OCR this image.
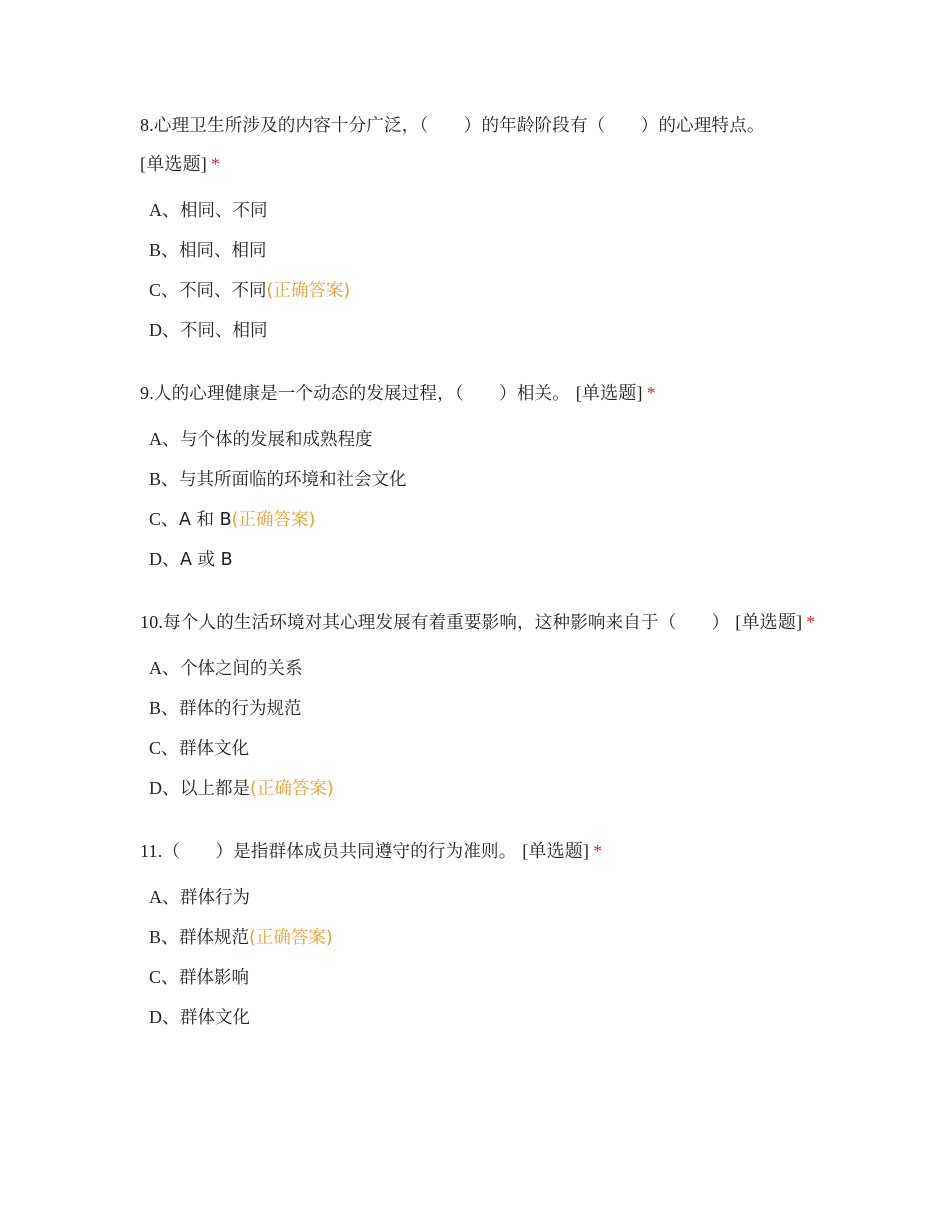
8.心理卫生所涉及的内容十分广泛，（　　）的年龄阶段有（　　）的心理特点。
[单选题] *

A、相同、不同
B、相同、相同
C、不同、不同(正确答案)
D、不同、相同

9.人的心理健康是一个动态的发展过程，（　　）相关。 [单选题] *

A、与个体的发展和成熟程度
B、与其所面临的环境和社会文化
C、A 和 B(正确答案)
D、A 或 B

10.每个人的生活环境对其心理发展有着重要影响，这种影响来自于（　　） [单选题] *

A、个体之间的关系
B、群体的行为规范
C、群体文化
D、以上都是(正确答案)

11.（　　）是指群体成员共同遵守的行为准则。 [单选题] *

A、群体行为
B、群体规范(正确答案)
C、群体影响
D、群体文化
